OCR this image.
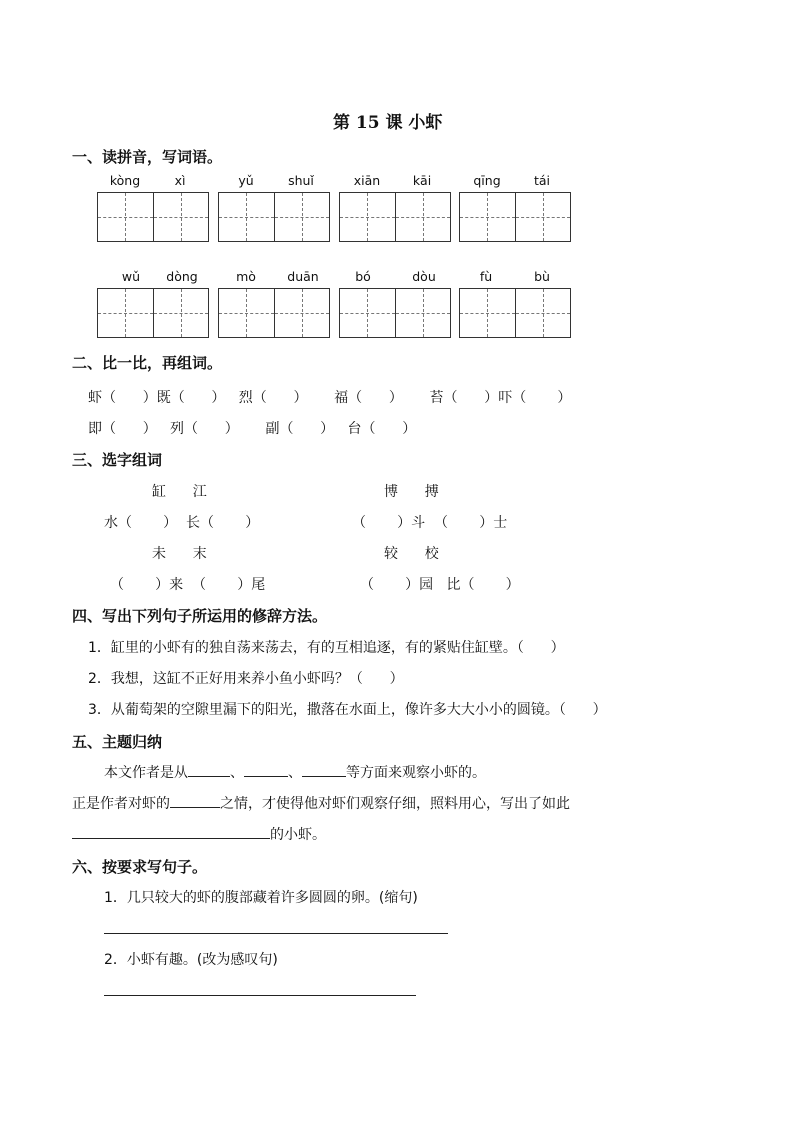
第 15 课 小虾
一、读拼音，写词语。
kòng	xì	yǔ	shuǐ	xiān	kāi	qīng	tái
wǔ	dòng	mò	duān	bó	dòu	fù	bù
二、比一比，再组词。
虾（      ）既（      ）   烈（      ）      福（      ）      苔（      ）吓（       ）
即（      ）   列（      ）      副（      ）   台（      ）
三、选字组词
缸      江	博      搏
水（       ）  长（       ）	（       ）斗  （       ）士
未      末	较      校
（       ）来  （       ）尾	（       ）园   比（       ）
四、写出下列句子所运用的修辞方法。
1．缸里的小虾有的独自荡来荡去，有的互相追逐，有的紧贴住缸壁。（      ）
2．我想，这缸不正好用来养小鱼小虾吗？（      ）
3．从葡萄架的空隙里漏下的阳光，撒落在水面上，像许多大大小小的圆镜。（      ）
五、主题归纳
本文作者是从	、	、	等方面来观察小虾的。
正是作者对虾的	之情，才使得他对虾们观察仔细，照料用心，写出了如此
的小虾。
六、按要求写句子。
1．几只较大的虾的腹部藏着许多圆圆的卵。(缩句)
2．小虾有趣。(改为感叹句)
